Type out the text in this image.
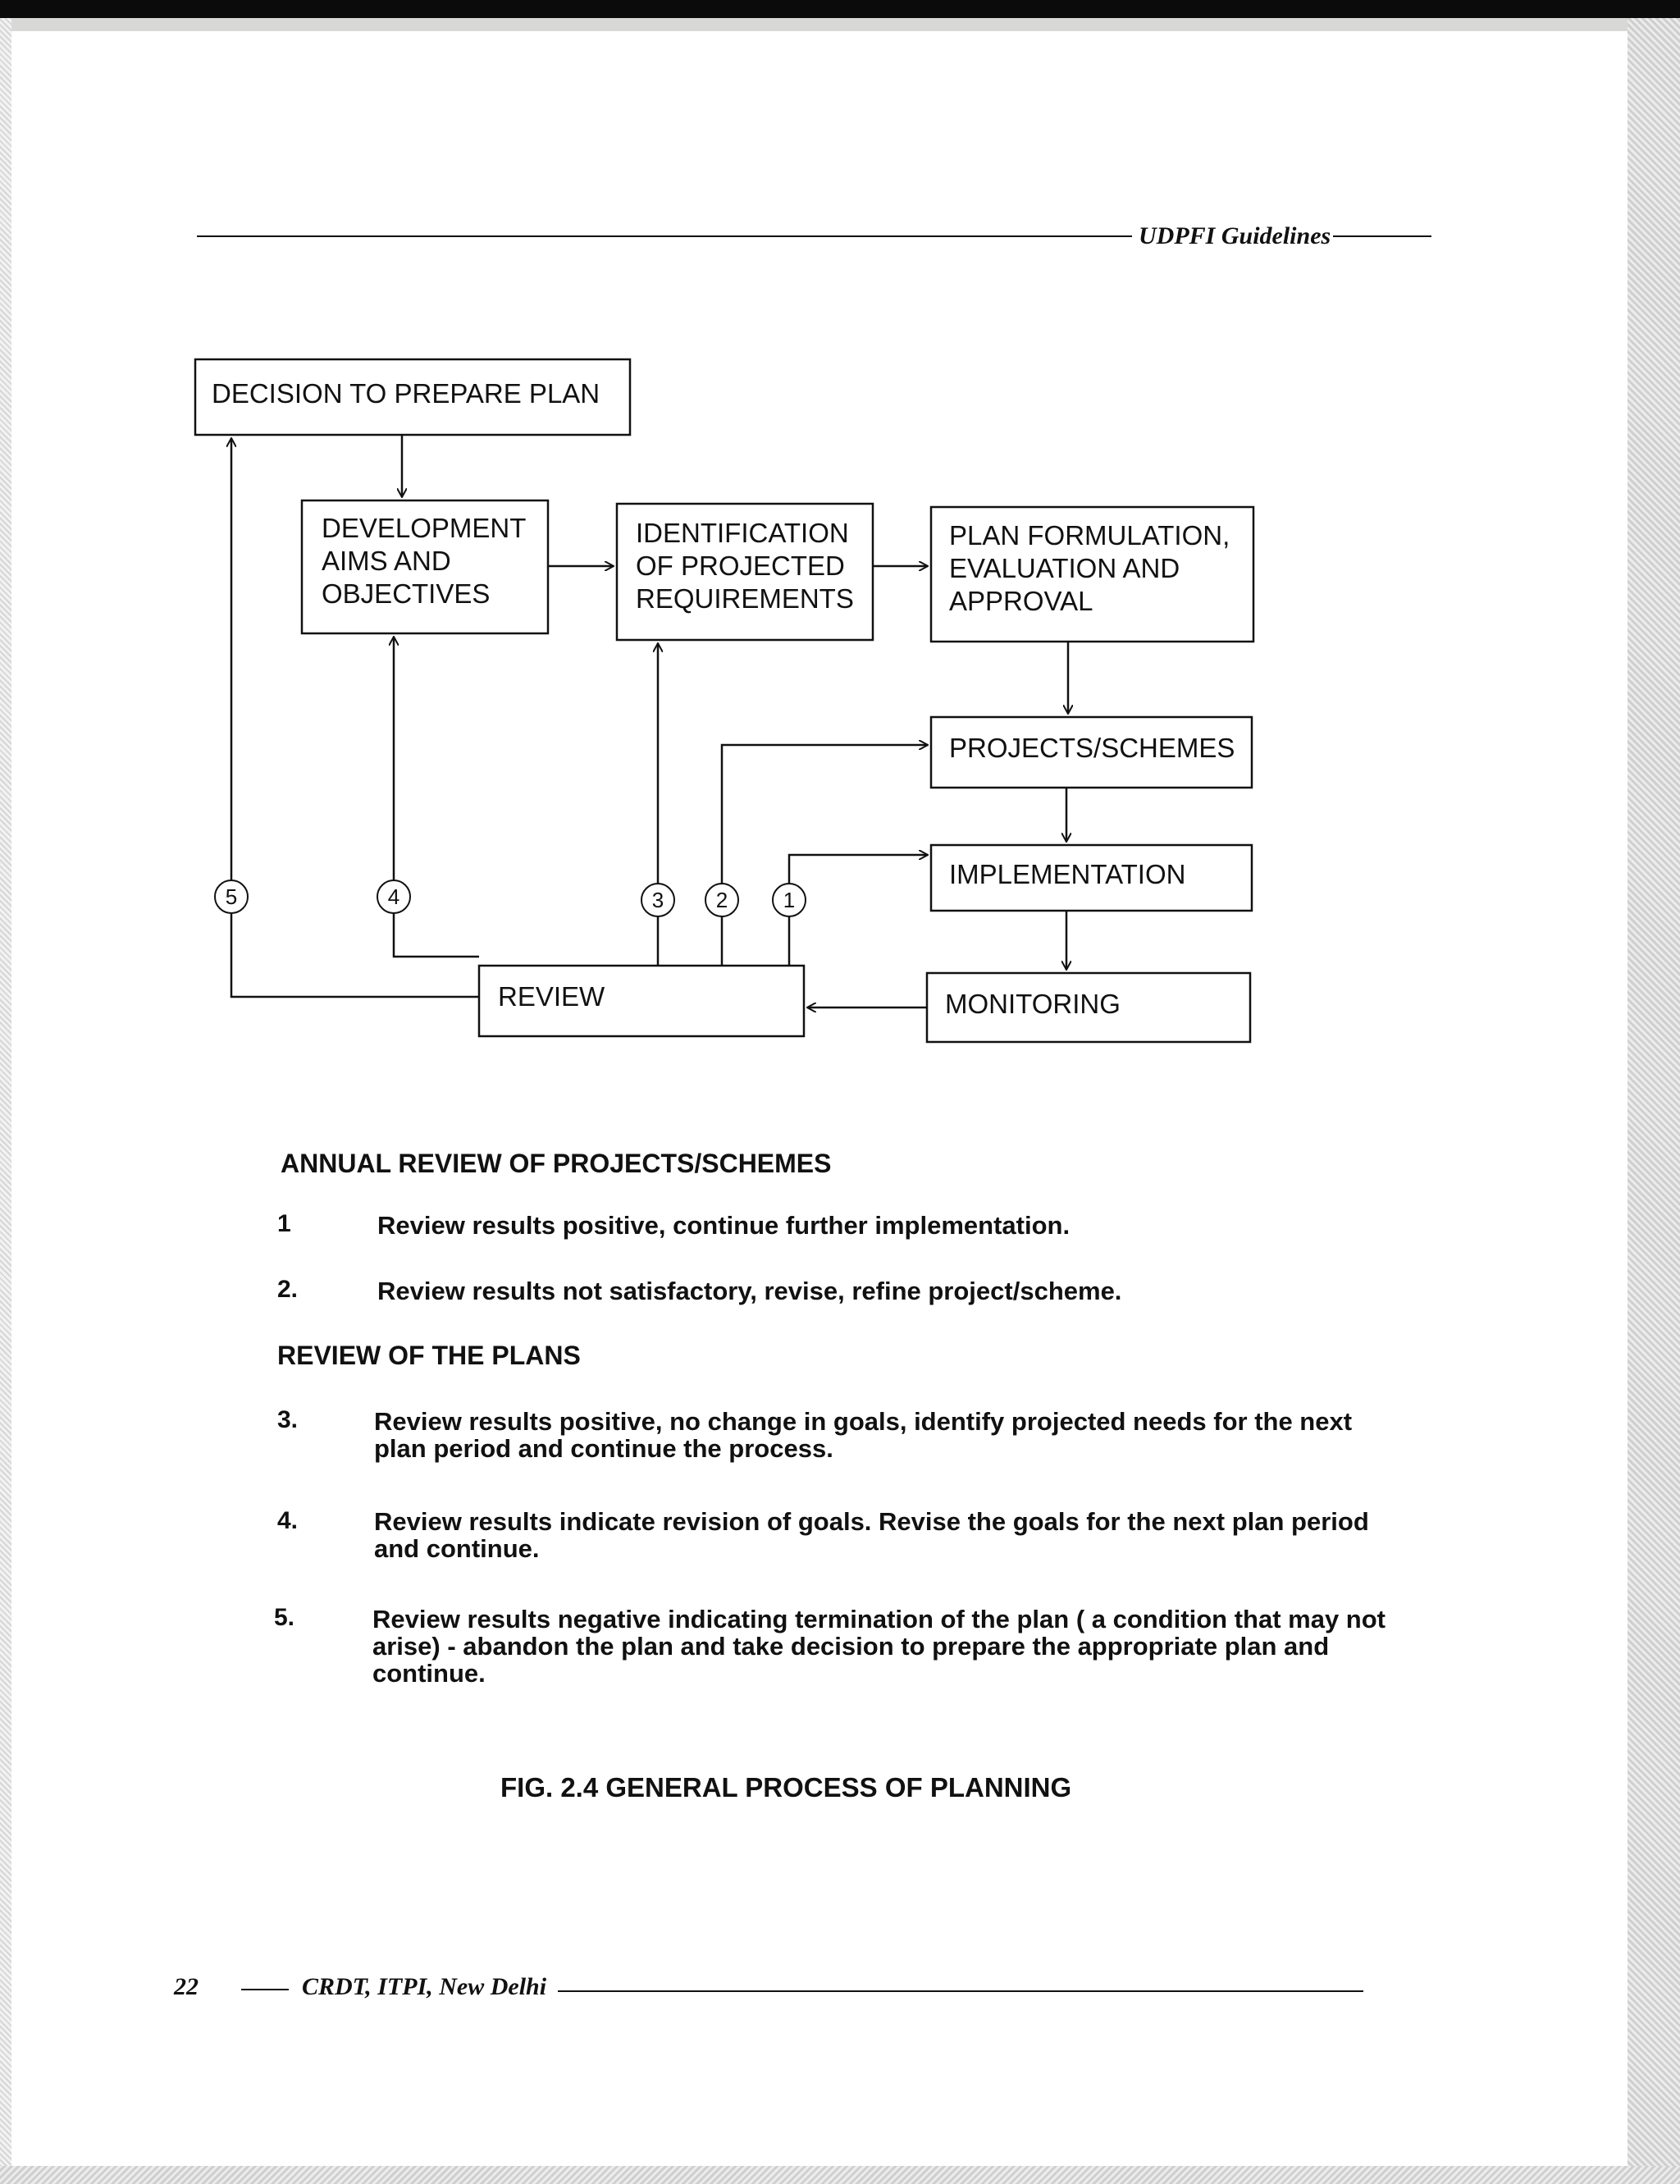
UDPFI Guidelines
DECISION TO PREPARE PLAN
DEVELOPMENT
AIMS AND
OBJECTIVES
IDENTIFICATION
OF PROJECTED
REQUIREMENTS
PLAN FORMULATION,
EVALUATION AND
APPROVAL
PROJECTS/SCHEMES
IMPLEMENTATION
MONITORING
REVIEW
1
2
3
4
5
ANNUAL REVIEW OF PROJECTS/SCHEMES
1	Review results positive, continue further implementation.
2.	Review results not satisfactory, revise, refine project/scheme.
REVIEW OF THE PLANS
3.	Review results positive, no change in goals, identify projected needs for the next plan period and continue the process.
4.	Review results indicate revision of goals. Revise the goals for the next plan period and continue.
5.	Review results negative indicating termination of the plan ( a condition that may not arise) - abandon the plan and take decision to prepare the appropriate plan and continue.
FIG. 2.4 GENERAL PROCESS OF PLANNING
22	CRDT, ITPI, New Delhi
